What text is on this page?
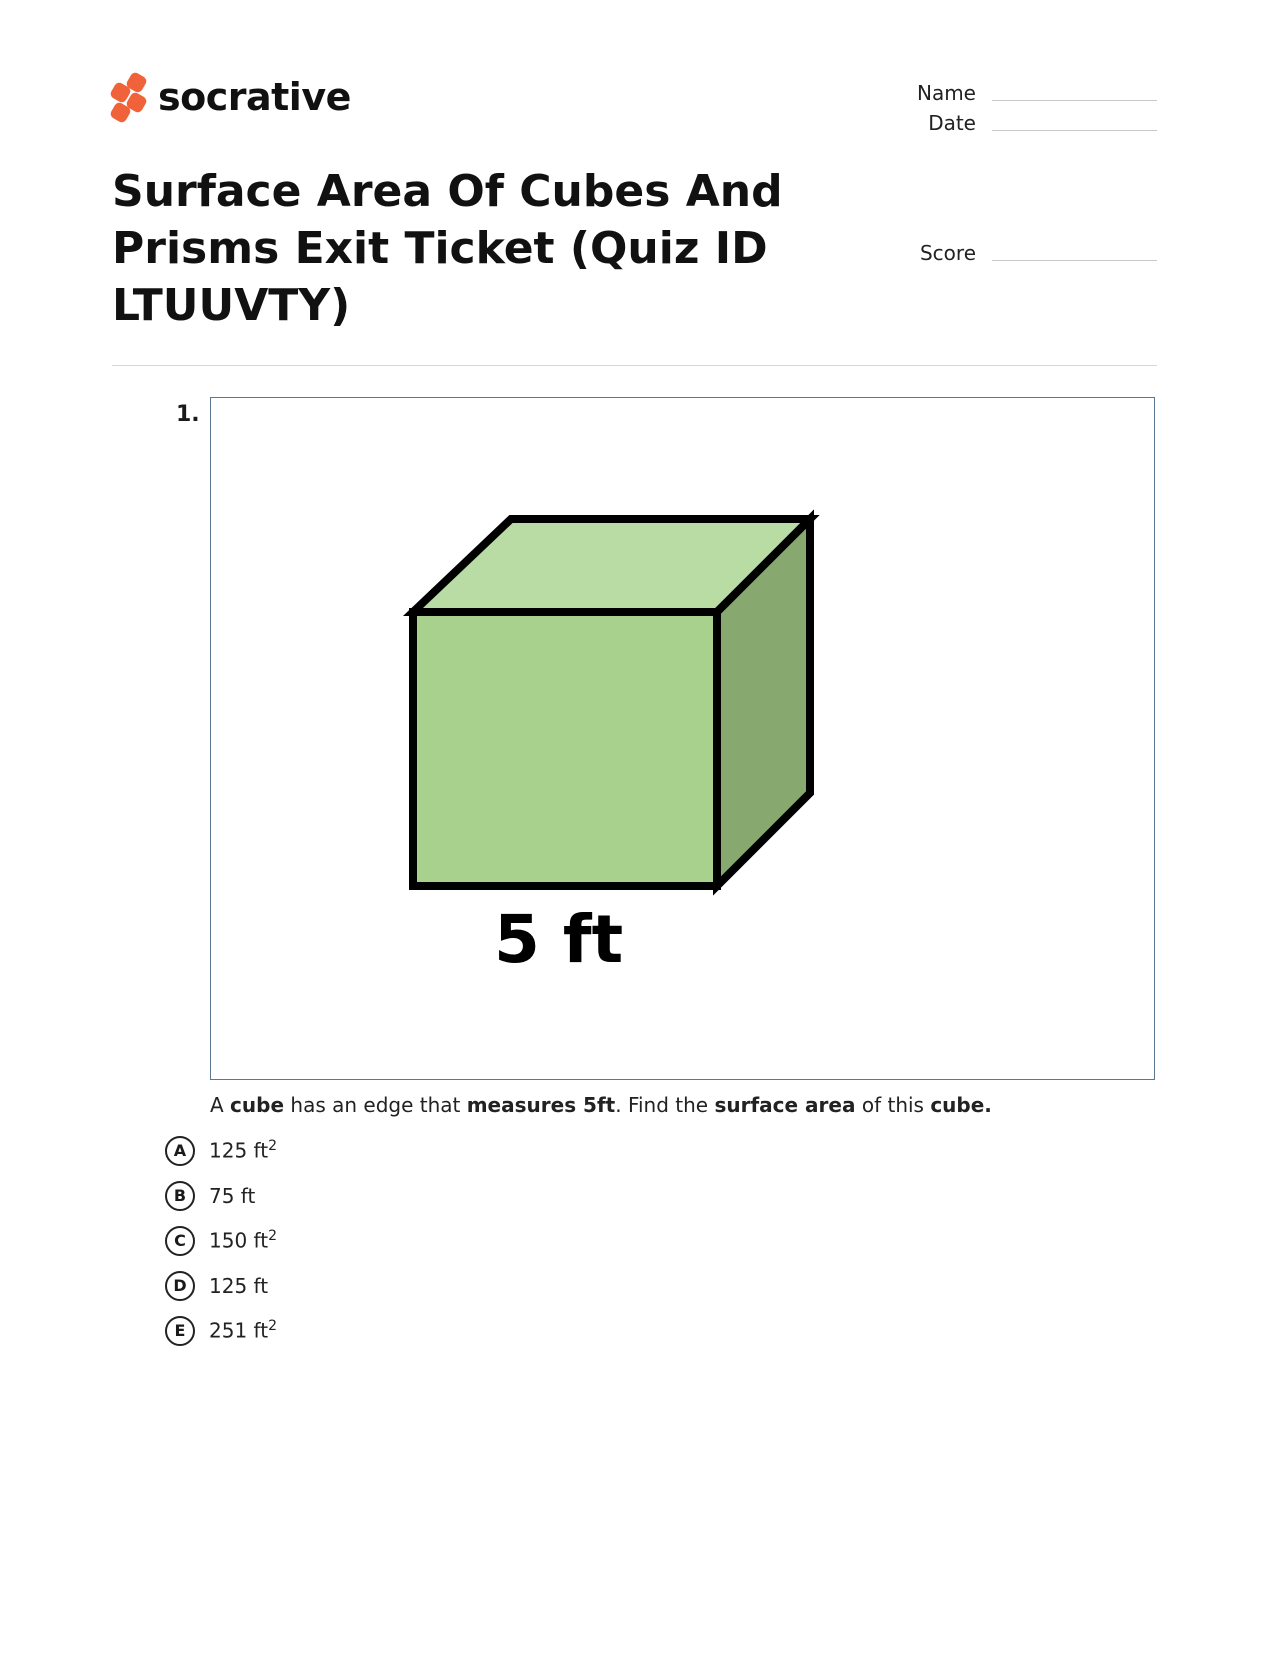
socrative	Name
Date
Score
Surface Area Of Cubes And Prisms Exit Ticket (Quiz ID LTUUVTY)
1.
5 ft
A cube has an edge that measures 5ft. Find the surface area of this cube.
A	125 $ft^2$
B	75 ft
C	150 $ft^2$
D	125 ft
E	251 $ft^2$
